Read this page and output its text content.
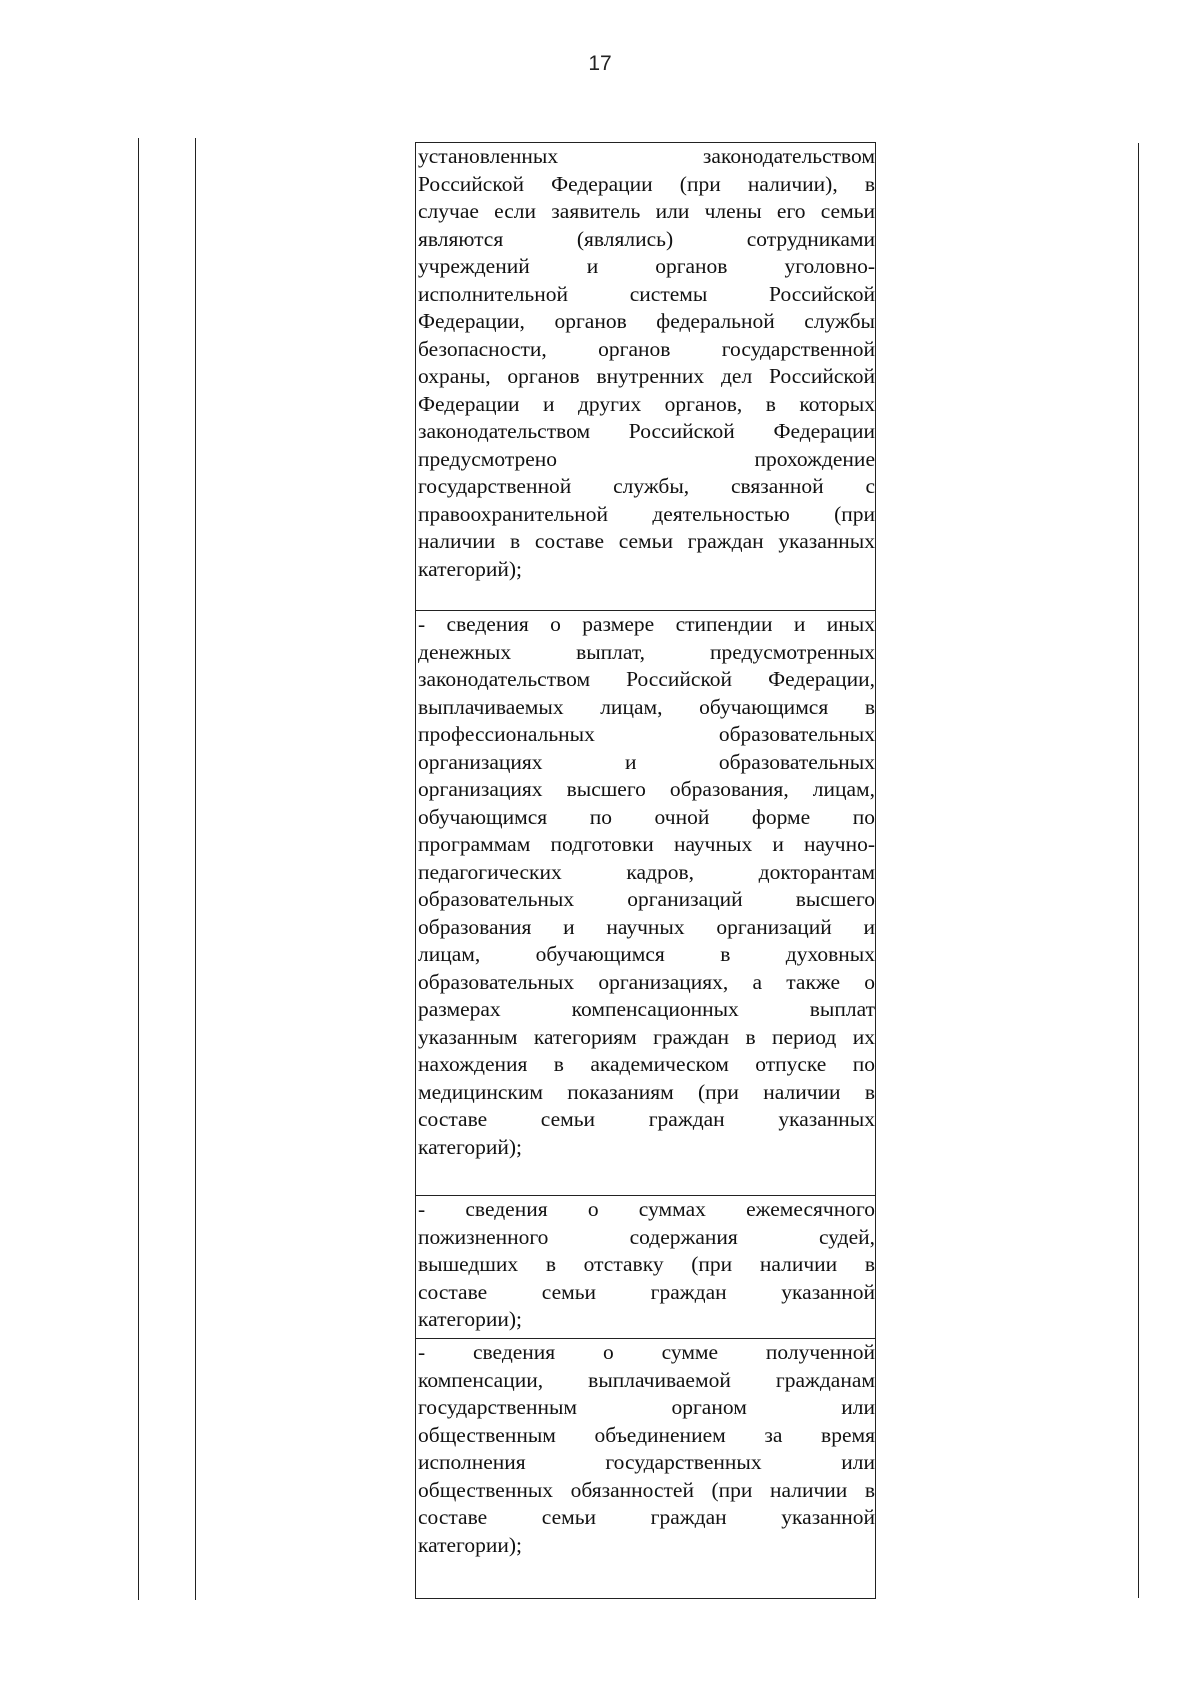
17
установленных законодательством
Российской Федерации (при наличии), в
случае если заявитель или члены его семьи
являются (являлись) сотрудниками
учреждений и органов уголовно-
исполнительной системы Российской
Федерации, органов федеральной службы
безопасности, органов государственной
охраны, органов внутренних дел Российской
Федерации и других органов, в которых
законодательством Российской Федерации
предусмотрено прохождение
государственной службы, связанной с
правоохранительной деятельностью (при
наличии в составе семьи граждан указанных
категорий);
- сведения о размере стипендии и иных
денежных выплат, предусмотренных
законодательством Российской Федерации,
выплачиваемых лицам, обучающимся в
профессиональных образовательных
организациях и образовательных
организациях высшего образования, лицам,
обучающимся по очной форме по
программам подготовки научных и научно-
педагогических кадров, докторантам
образовательных организаций высшего
образования и научных организаций и
лицам, обучающимся в духовных
образовательных организациях, а также о
размерах компенсационных выплат
указанным категориям граждан в период их
нахождения в академическом отпуске по
медицинским показаниям (при наличии в
составе семьи граждан указанных
категорий);
- сведения о суммах ежемесячного
пожизненного содержания судей,
вышедших в отставку (при наличии в
составе семьи граждан указанной
категории);
- сведения о сумме полученной
компенсации, выплачиваемой гражданам
государственным органом или
общественным объединением за время
исполнения государственных или
общественных обязанностей (при наличии в
составе семьи граждан указанной
категории);
